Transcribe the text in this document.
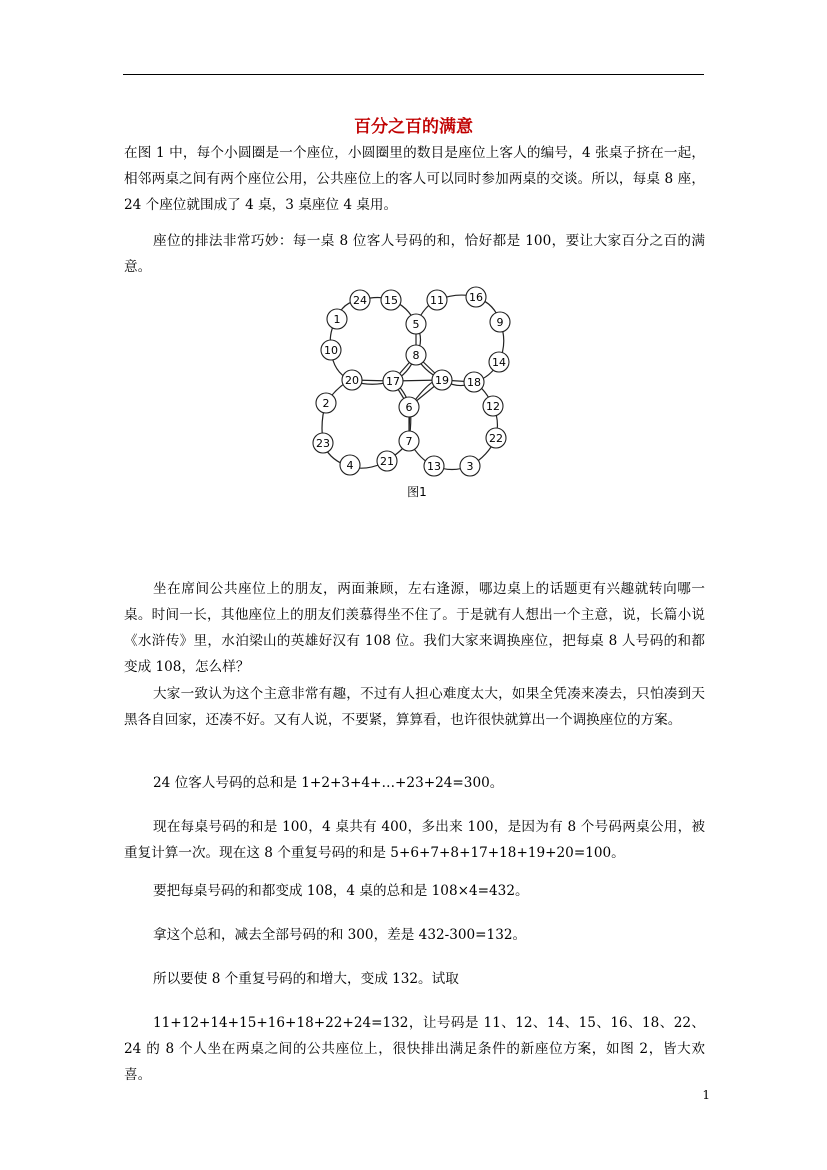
百分之百的满意
在图 1 中，每个小圆圈是一个座位，小圆圈里的数目是座位上客人的编号，4 张桌子挤在一起，相邻两桌之间有两个座位公用，公共座位上的客人可以同时参加两桌的交谈。所以，每桌 8 座，24 个座位就围成了 4 桌，3 桌座位 4 桌用。
座位的排法非常巧妙：每一桌 8 位客人号码的和，恰好都是 100，要让大家百分之百的满意。
24 15	11 16
1	5	9
10	8
14
20 17	19 18
2	6	12
23	7	22
4 21	13 3
图1
坐在席间公共座位上的朋友，两面兼顾，左右逢源，哪边桌上的话题更有兴趣就转向哪一桌。时间一长，其他座位上的朋友们羡慕得坐不住了。于是就有人想出一个主意，说，长篇小说《水浒传》里，水泊梁山的英雄好汉有 108 位。我们大家来调换座位，把每桌 8 人号码的和都变成 108，怎么样？
大家一致认为这个主意非常有趣，不过有人担心难度太大，如果全凭凑来凑去，只怕凑到天黑各自回家，还凑不好。又有人说，不要紧，算算看，也许很快就算出一个调换座位的方案。
24 位客人号码的总和是 1+2+3+4+…+23+24=300。
现在每桌号码的和是 100，4 桌共有 400，多出来 100，是因为有 8 个号码两桌公用，被重复计算一次。现在这 8 个重复号码的和是 5+6+7+8+17+18+19+20=100。
要把每桌号码的和都变成 108，4 桌的总和是 108×4=432。
拿这个总和，减去全部号码的和 300，差是 432-300=132。
所以要使 8 个重复号码的和增大，变成 132。试取
11+12+14+15+16+18+22+24=132，让号码是 11、12、14、15、16、18、22、24 的 8 个人坐在两桌之间的公共座位上，很快排出满足条件的新座位方案，如图 2，皆大欢喜。
1
